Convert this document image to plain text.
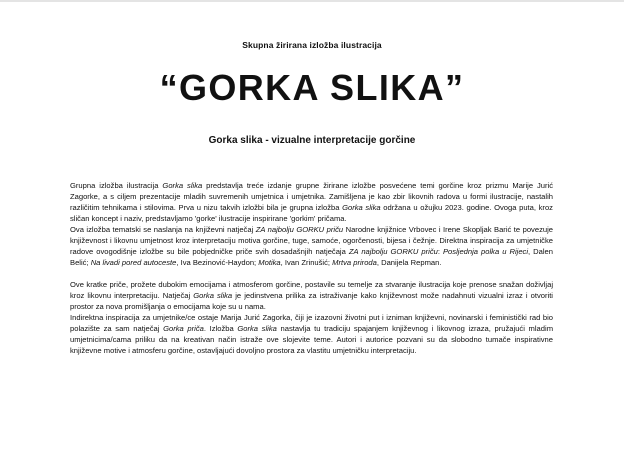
Skupna žirirana izložba ilustracija
“GORKA SLIKA”
Gorka slika - vizualne interpretacije gorčine

Grupna izložba ilustracija Gorka slika predstavlja treće izdanje grupne žirirane izložbe posvećene temi gorčine kroz prizmu Marije Jurić Zagorke, a s ciljem prezentacije mladih suvremenih umjetnica i umjetnika. Zamišljena je kao zbir likovnih radova u formi ilustracije, nastalih različitim tehnikama i stilovima. Prva u nizu takvih izložbi bila je grupna izložba Gorka slika održana u ožujku 2023. godine. Ovoga puta, kroz sličan koncept i naziv, predstavljamo 'gorke' ilustracije inspirirane 'gorkim' pričama.
Ova izložba tematski se naslanja na književni natječaj ZA najbolju GORKU priču Narodne knjižnice Vrbovec i Irene Skopljak Barić te povezuje književnost i likovnu umjetnost kroz interpretaciju motiva gorčine, tuge, samoće, ogorčenosti, bijesa i čežnje. Direktna inspiracija za umjetničke radove ovogodišnje izložbe su bile pobjedničke priče svih dosadašnjih natječaja ZA najbolju GORKU priču: Posljednja polka u Rijeci, Dalen Belić; Na livadi pored autoceste, Iva Bezinović-Haydon; Motika, Ivan Zrinušić; Mrtva priroda, Danijela Repman.

Ove kratke priče, prožete dubokim emocijama i atmosferom gorčine, postavile su temelje za stvaranje ilustracija koje prenose snažan doživljaj kroz likovnu interpretaciju. Natječaj Gorka slika je jedinstvena prilika za istraživanje kako književnost može nadahnuti vizualni izraz i otvoriti prostor za nova promišljanja o emocijama koje su u nama.
Indirektna inspiracija za umjetnike/ce ostaje Marija Jurić Zagorka, čiji je izazovni životni put i izniman književni, novinarski i feministički rad bio polazište za sam natječaj Gorka priča. Izložba Gorka slika nastavlja tu tradiciju spajanjem književnog i likovnog izraza, pružajući mladim umjetnicima/cama priliku da na kreativan način istraže ove slojevite teme. Autori i autorice pozvani su da slobodno tumače inspirativne književne motive i atmosferu gorčine, ostavljajući dovoljno prostora za vlastitu umjetničku interpretaciju.
